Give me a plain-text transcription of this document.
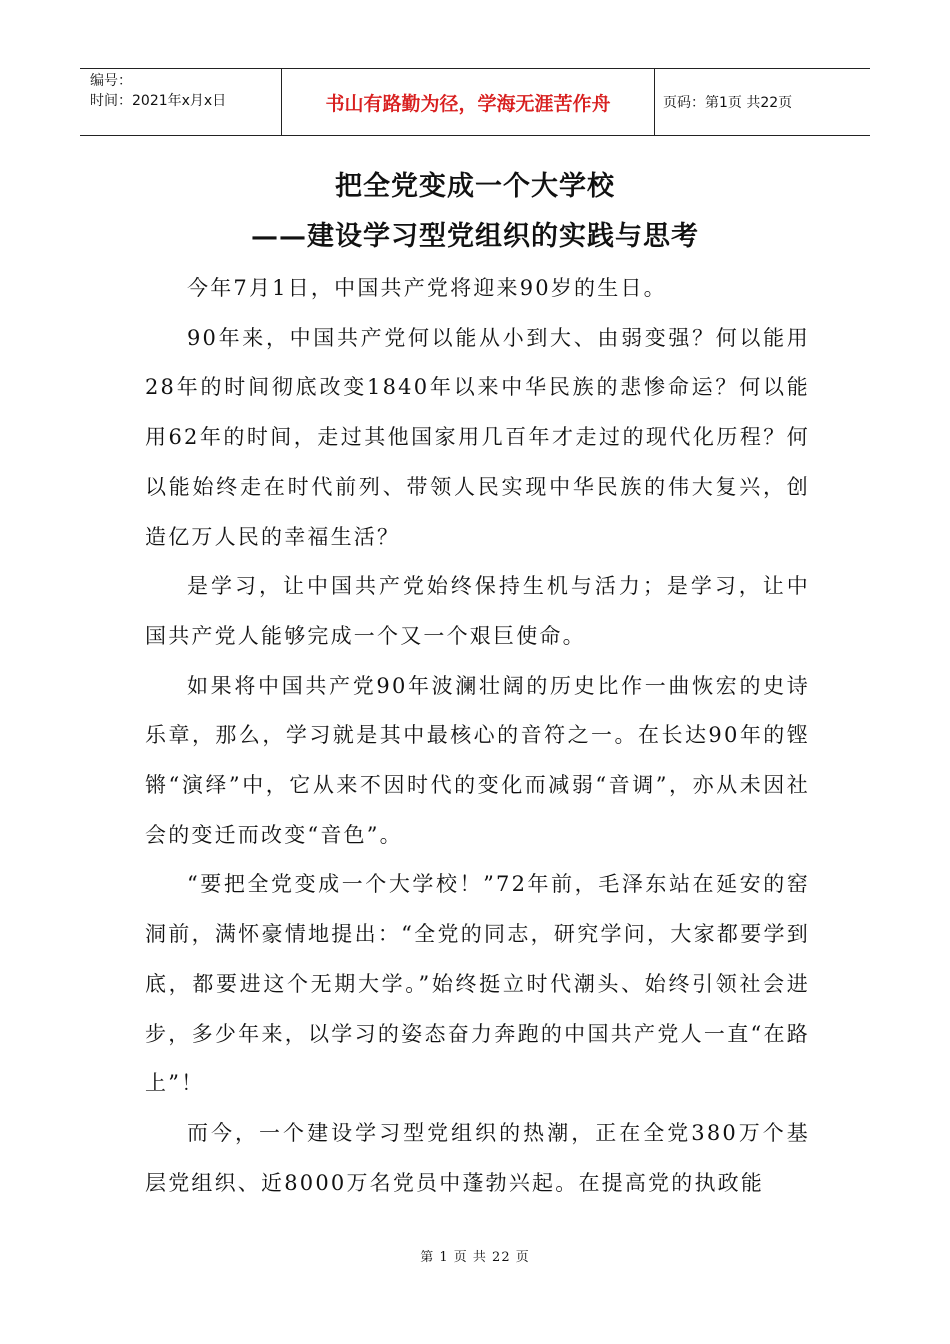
编号：
时间：2021年x月x日	书山有路勤为径，学海无涯苦作舟	页码：第1页 共22页
把全党变成一个大学校
——建设学习型党组织的实践与思考

今年7月1日，中国共产党将迎来90岁的生日。

90年来，中国共产党何以能从小到大、由弱变强？何以能用28年的时间彻底改变1840年以来中华民族的悲惨命运？何以能用62年的时间，走过其他国家用几百年才走过的现代化历程？何以能始终走在时代前列、带领人民实现中华民族的伟大复兴，创造亿万人民的幸福生活？

是学习，让中国共产党始终保持生机与活力；是学习，让中国共产党人能够完成一个又一个艰巨使命。

如果将中国共产党90年波澜壮阔的历史比作一曲恢宏的史诗乐章，那么，学习就是其中最核心的音符之一。在长达90年的铿锵“演绎”中，它从来不因时代的变化而减弱“音调”，亦从未因社会的变迁而改变“音色”。

“要把全党变成一个大学校！”72年前，毛泽东站在延安的窑洞前，满怀豪情地提出：“全党的同志，研究学问，大家都要学到底，都要进这个无期大学。”始终挺立时代潮头、始终引领社会进步，多少年来，以学习的姿态奋力奔跑的中国共产党人一直“在路上”！

而今，一个建设学习型党组织的热潮，正在全党380万个基层党组织、近8000万名党员中蓬勃兴起。在提高党的执政能

第 1 页 共 22 页
